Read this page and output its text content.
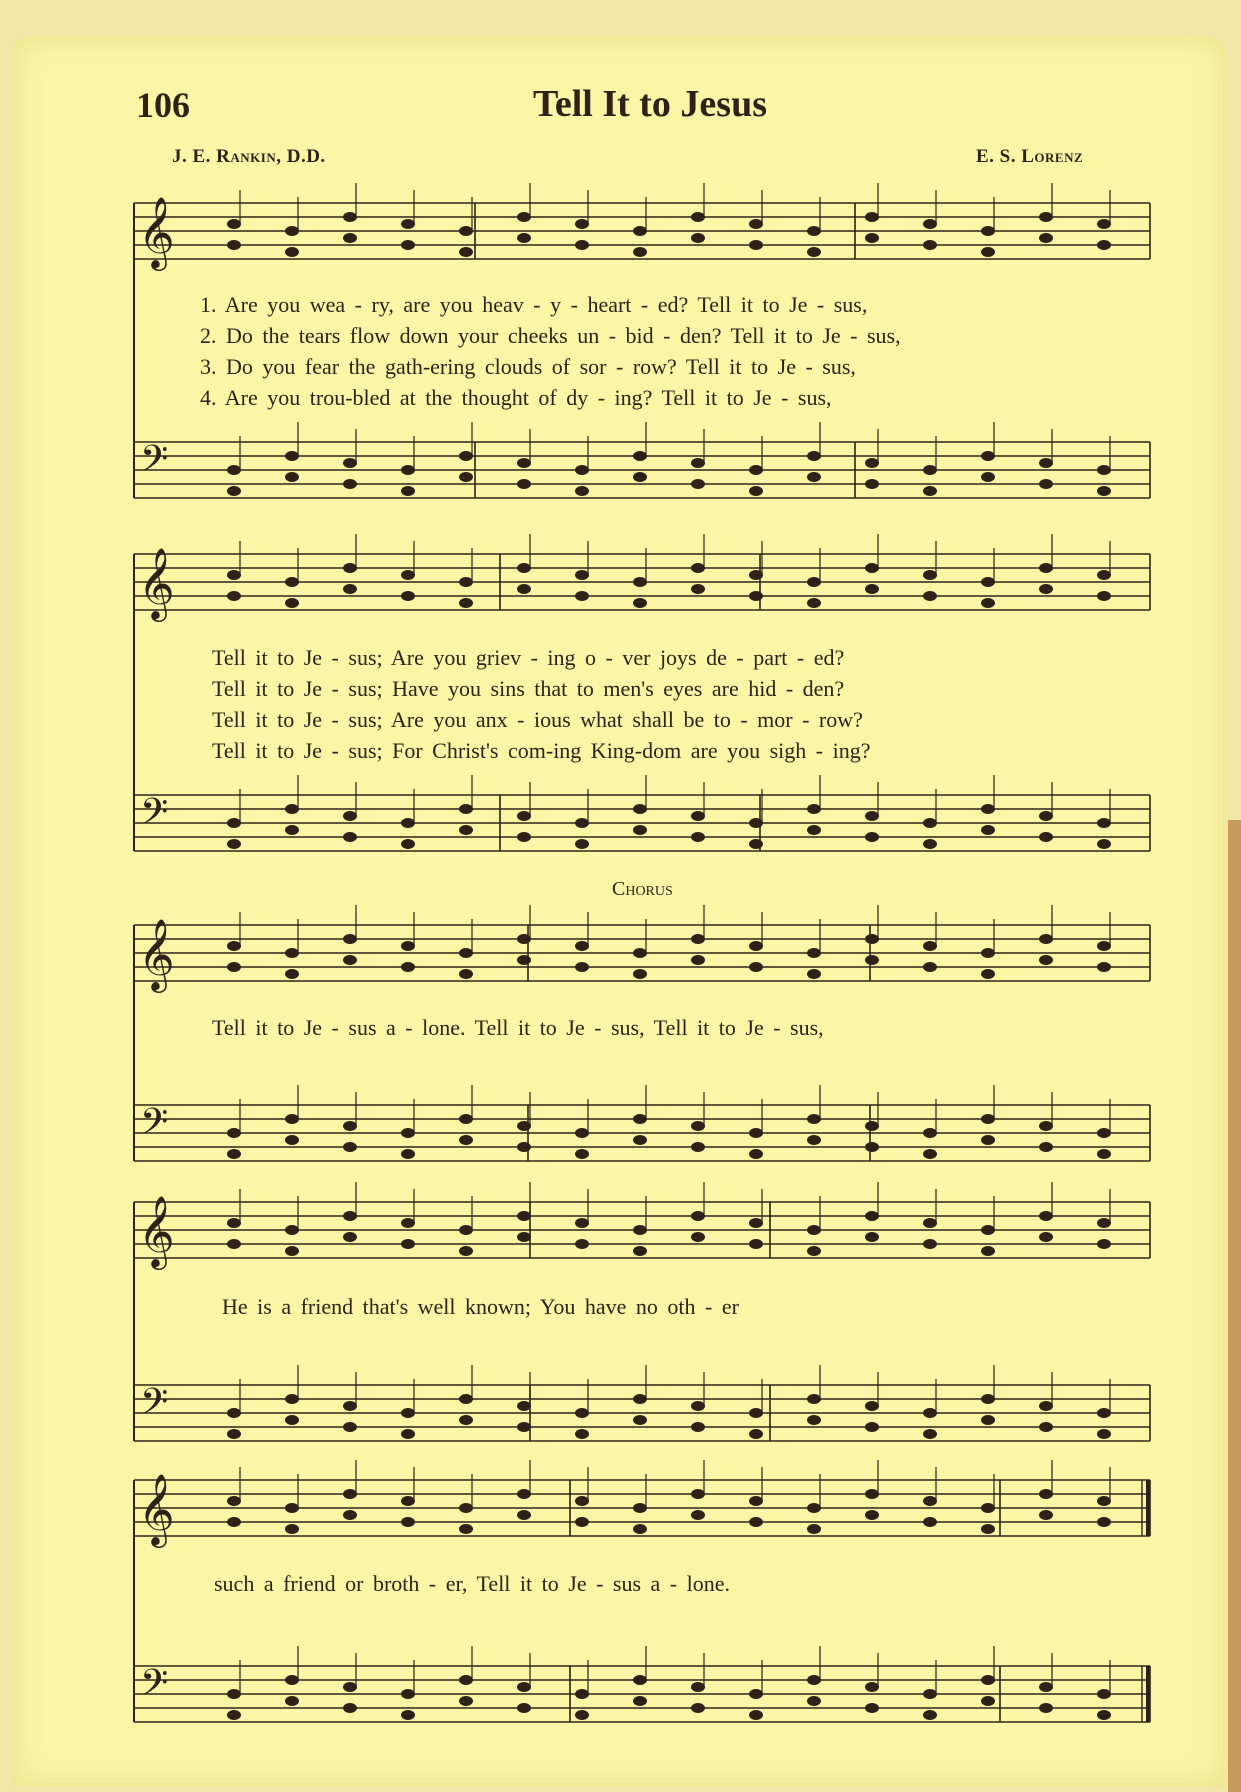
106	Tell It to Jesus
J. E. Rankin, D.D.	E. S. Lorenz
Chorus
𝄞
𝄢
𝄞
𝄢
𝄞
𝄢
𝄞
𝄢
𝄞
𝄢
1. Are you wea - ry, are you heav - y - heart - ed? Tell it to Je - sus,
2. Do the tears flow down your cheeks un - bid - den? Tell it to Je - sus,
3. Do you fear the gath-ering clouds of sor - row? Tell it to Je - sus,
4. Are you trou-bled at the thought of dy - ing? Tell it to Je - sus,
Tell it to Je - sus; Are you griev - ing o - ver joys de - part - ed?
Tell it to Je - sus; Have you sins that to men's eyes are hid - den?
Tell it to Je - sus; Are you anx - ious what shall be to - mor - row?
Tell it to Je - sus; For Christ's com-ing King-dom are you sigh - ing?
Tell it to Je - sus a - lone. Tell it to Je - sus, Tell it to Je - sus,
He is a friend that's well known; You have no oth - er
such a friend or broth - er, Tell it to Je - sus a - lone.
